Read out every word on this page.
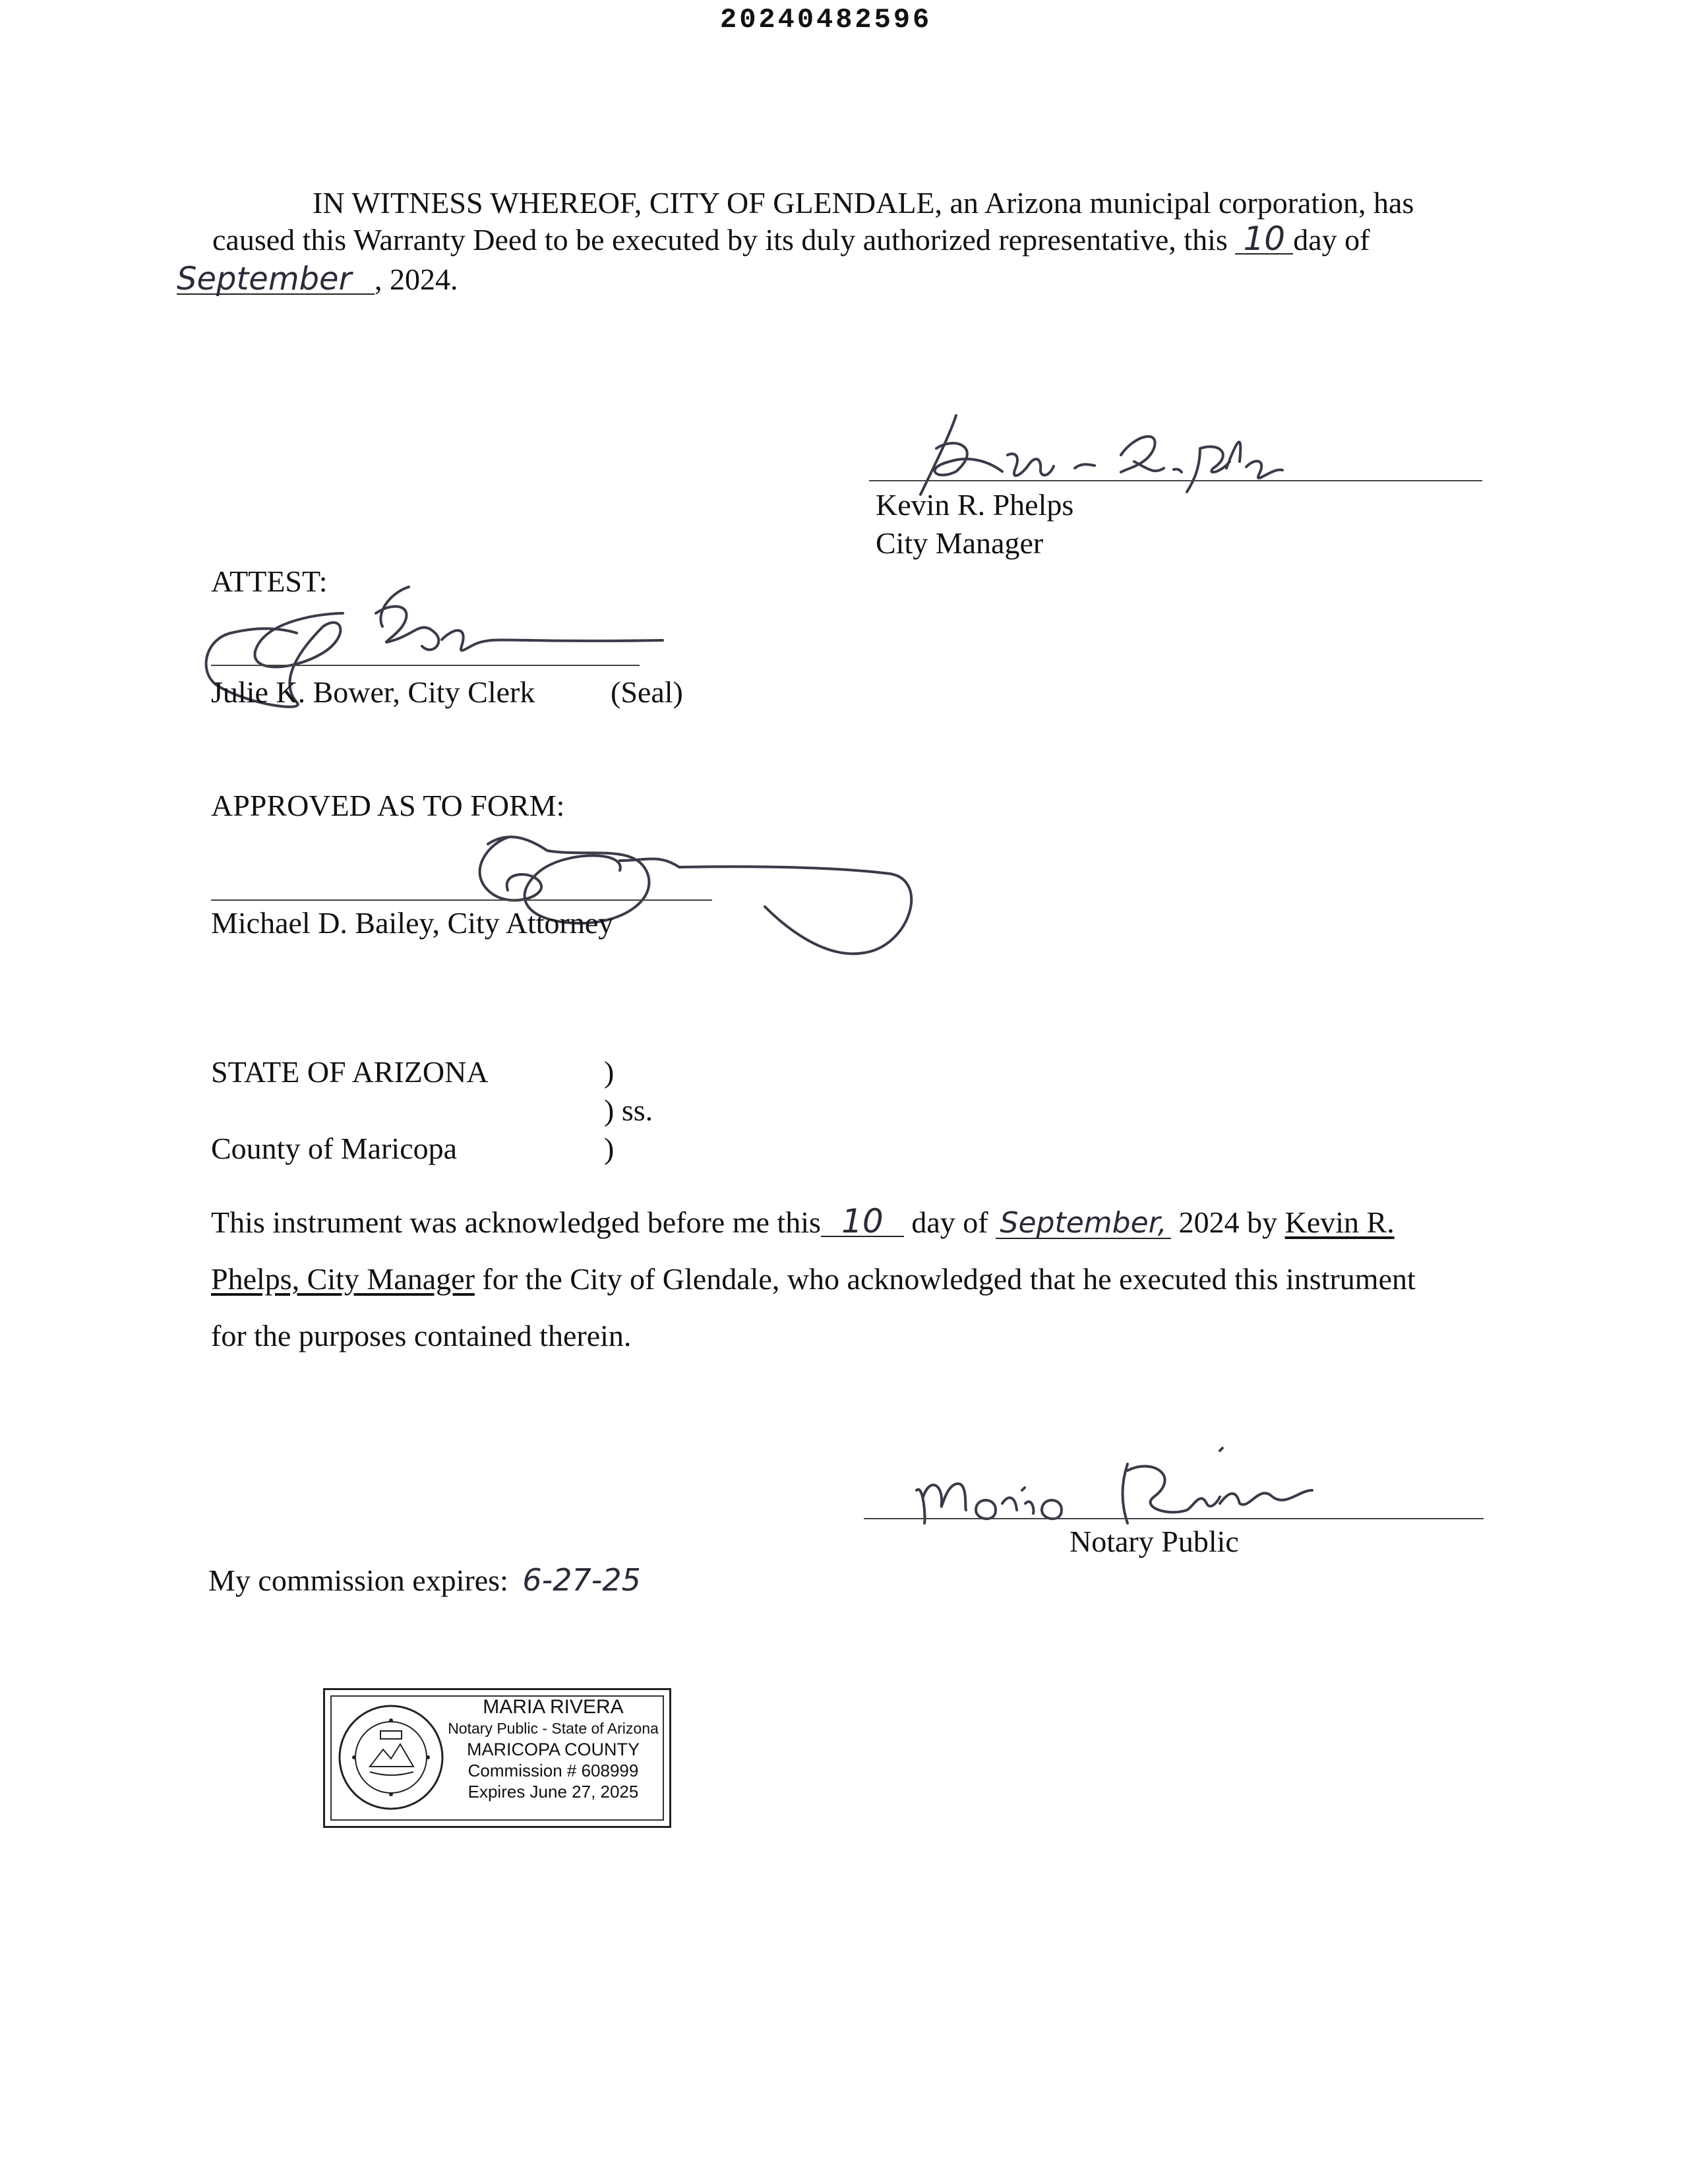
20240482596
IN WITNESS WHEREOF, CITY OF GLENDALE, an Arizona municipal corporation, has
caused this Warranty Deed to be executed by its duly authorized representative, this 10 day of
September , 2024.
Kevin R. Phelps
City Manager
ATTEST:
Julie K. Bower, City Clerk (Seal)
APPROVED AS TO FORM:
Michael D. Bailey, City Attorney
STATE OF ARIZONA	)
) ss.
County of Maricopa	)
This instrument was acknowledged before me this 10 day of September, 2024 by Kevin R.
Phelps, City Manager for the City of Glendale, who acknowledged that he executed this instrument
for the purposes contained therein.
Notary Public
My commission expires: 6-27-25
MARIA RIVERA
Notary Public - State of Arizona
MARICOPA COUNTY
Commission # 608999
Expires June 27, 2025
